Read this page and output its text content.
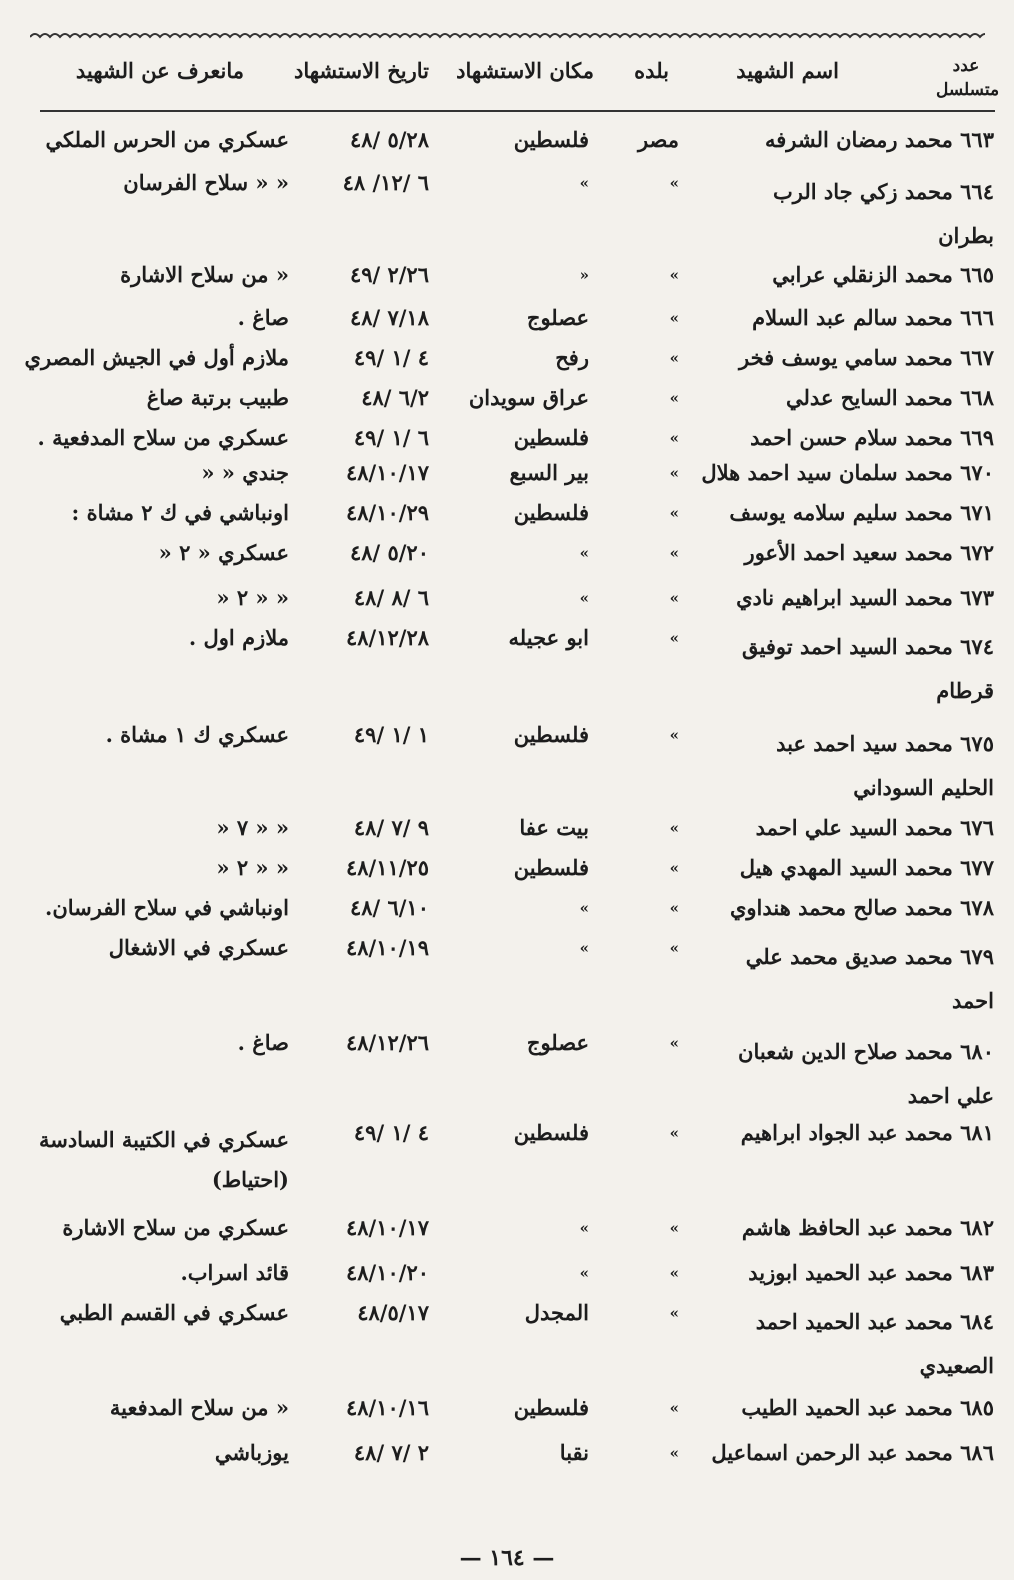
عدد متسلسل
اسم الشهيد
بلده
مكان الاستشهاد
تاريخ الاستشهاد
مانعرف عن الشهيد
٦٦٣ محمد رمضان الشرفه
مصر
فلسطين
٥/٢٨ /٤٨
عسكري من الحرس الملكي
٦٦٤ محمد زكي جاد الرب بطران
»
»
٦ /١٢/ ٤٨
« « سلاح الفرسان
٦٦٥ محمد الزنقلي عرابي
»
«
٢/٢٦ /٤٩
« من سلاح الاشارة
٦٦٦ محمد سالم عبد السلام
»
عصلوج
٧/١٨ /٤٨
صاغ .
٦٦٧ محمد سامي يوسف فخر
»
رفح
٤ /١ /٤٩
ملازم أول في الجيش المصري
٦٦٨ محمد السايح عدلي
»
عراق سويدان
٦/٢ /٤٨
طبيب برتبة صاغ
٦٦٩ محمد سلام حسن احمد
»
فلسطين
٦ /١ /٤٩
عسكري من سلاح المدفعية .
٦٧٠ محمد سلمان سيد احمد هلال
»
بير السبع
٤٨/١٠/١٧
جندي « «
٦٧١ محمد سليم سلامه يوسف
»
فلسطين
٤٨/١٠/٢٩
اونباشي في ك ٢ مشاة :
٦٧٢ محمد سعيد احمد الأعور
»
»
٥/٢٠ /٤٨
عسكري « ٢ «
٦٧٣ محمد السيد ابراهيم نادي
»
»
٦ /٨ /٤٨
« « ٢ «
٦٧٤ محمد السيد احمد توفيق قرطام
»
ابو عجيله
٤٨/١٢/٢٨
ملازم اول .
٦٧٥ محمد سيد احمد عبد الحليم السوداني
»
فلسطين
١ /١ /٤٩
عسكري ك ١ مشاة .
٦٧٦ محمد السيد علي احمد
»
بيت عفا
٩ /٧ /٤٨
« « ٧ «
٦٧٧ محمد السيد المهدي هيل
»
فلسطين
٤٨/١١/٢٥
« « ٢ «
٦٧٨ محمد صالح محمد هنداوي
»
»
٦/١٠ /٤٨
اونباشي في سلاح الفرسان.
٦٧٩ محمد صديق محمد علي احمد
»
»
٤٨/١٠/١٩
عسكري في الاشغال
٦٨٠ محمد صلاح الدين شعبان علي احمد
»
عصلوج
٤٨/١٢/٢٦
صاغ .
٦٨١ محمد عبد الجواد ابراهيم
»
فلسطين
٤ /١ /٤٩
عسكري في الكتيبة السادسة (احتياط)
٦٨٢ محمد عبد الحافظ هاشم
»
»
٤٨/١٠/١٧
عسكري من سلاح الاشارة
٦٨٣ محمد عبد الحميد ابوزيد
»
»
٤٨/١٠/٢٠
قائد اسراب.
٦٨٤ محمد عبد الحميد احمد الصعيدي
»
المجدل
٤٨/٥/١٧
عسكري في القسم الطبي
٦٨٥ محمد عبد الحميد الطيب
»
فلسطين
٤٨/١٠/١٦
« من سلاح المدفعية
٦٨٦ محمد عبد الرحمن اسماعيل
»
نقبا
٢ /٧ /٤٨
يوزباشي
— ١٦٤ —
